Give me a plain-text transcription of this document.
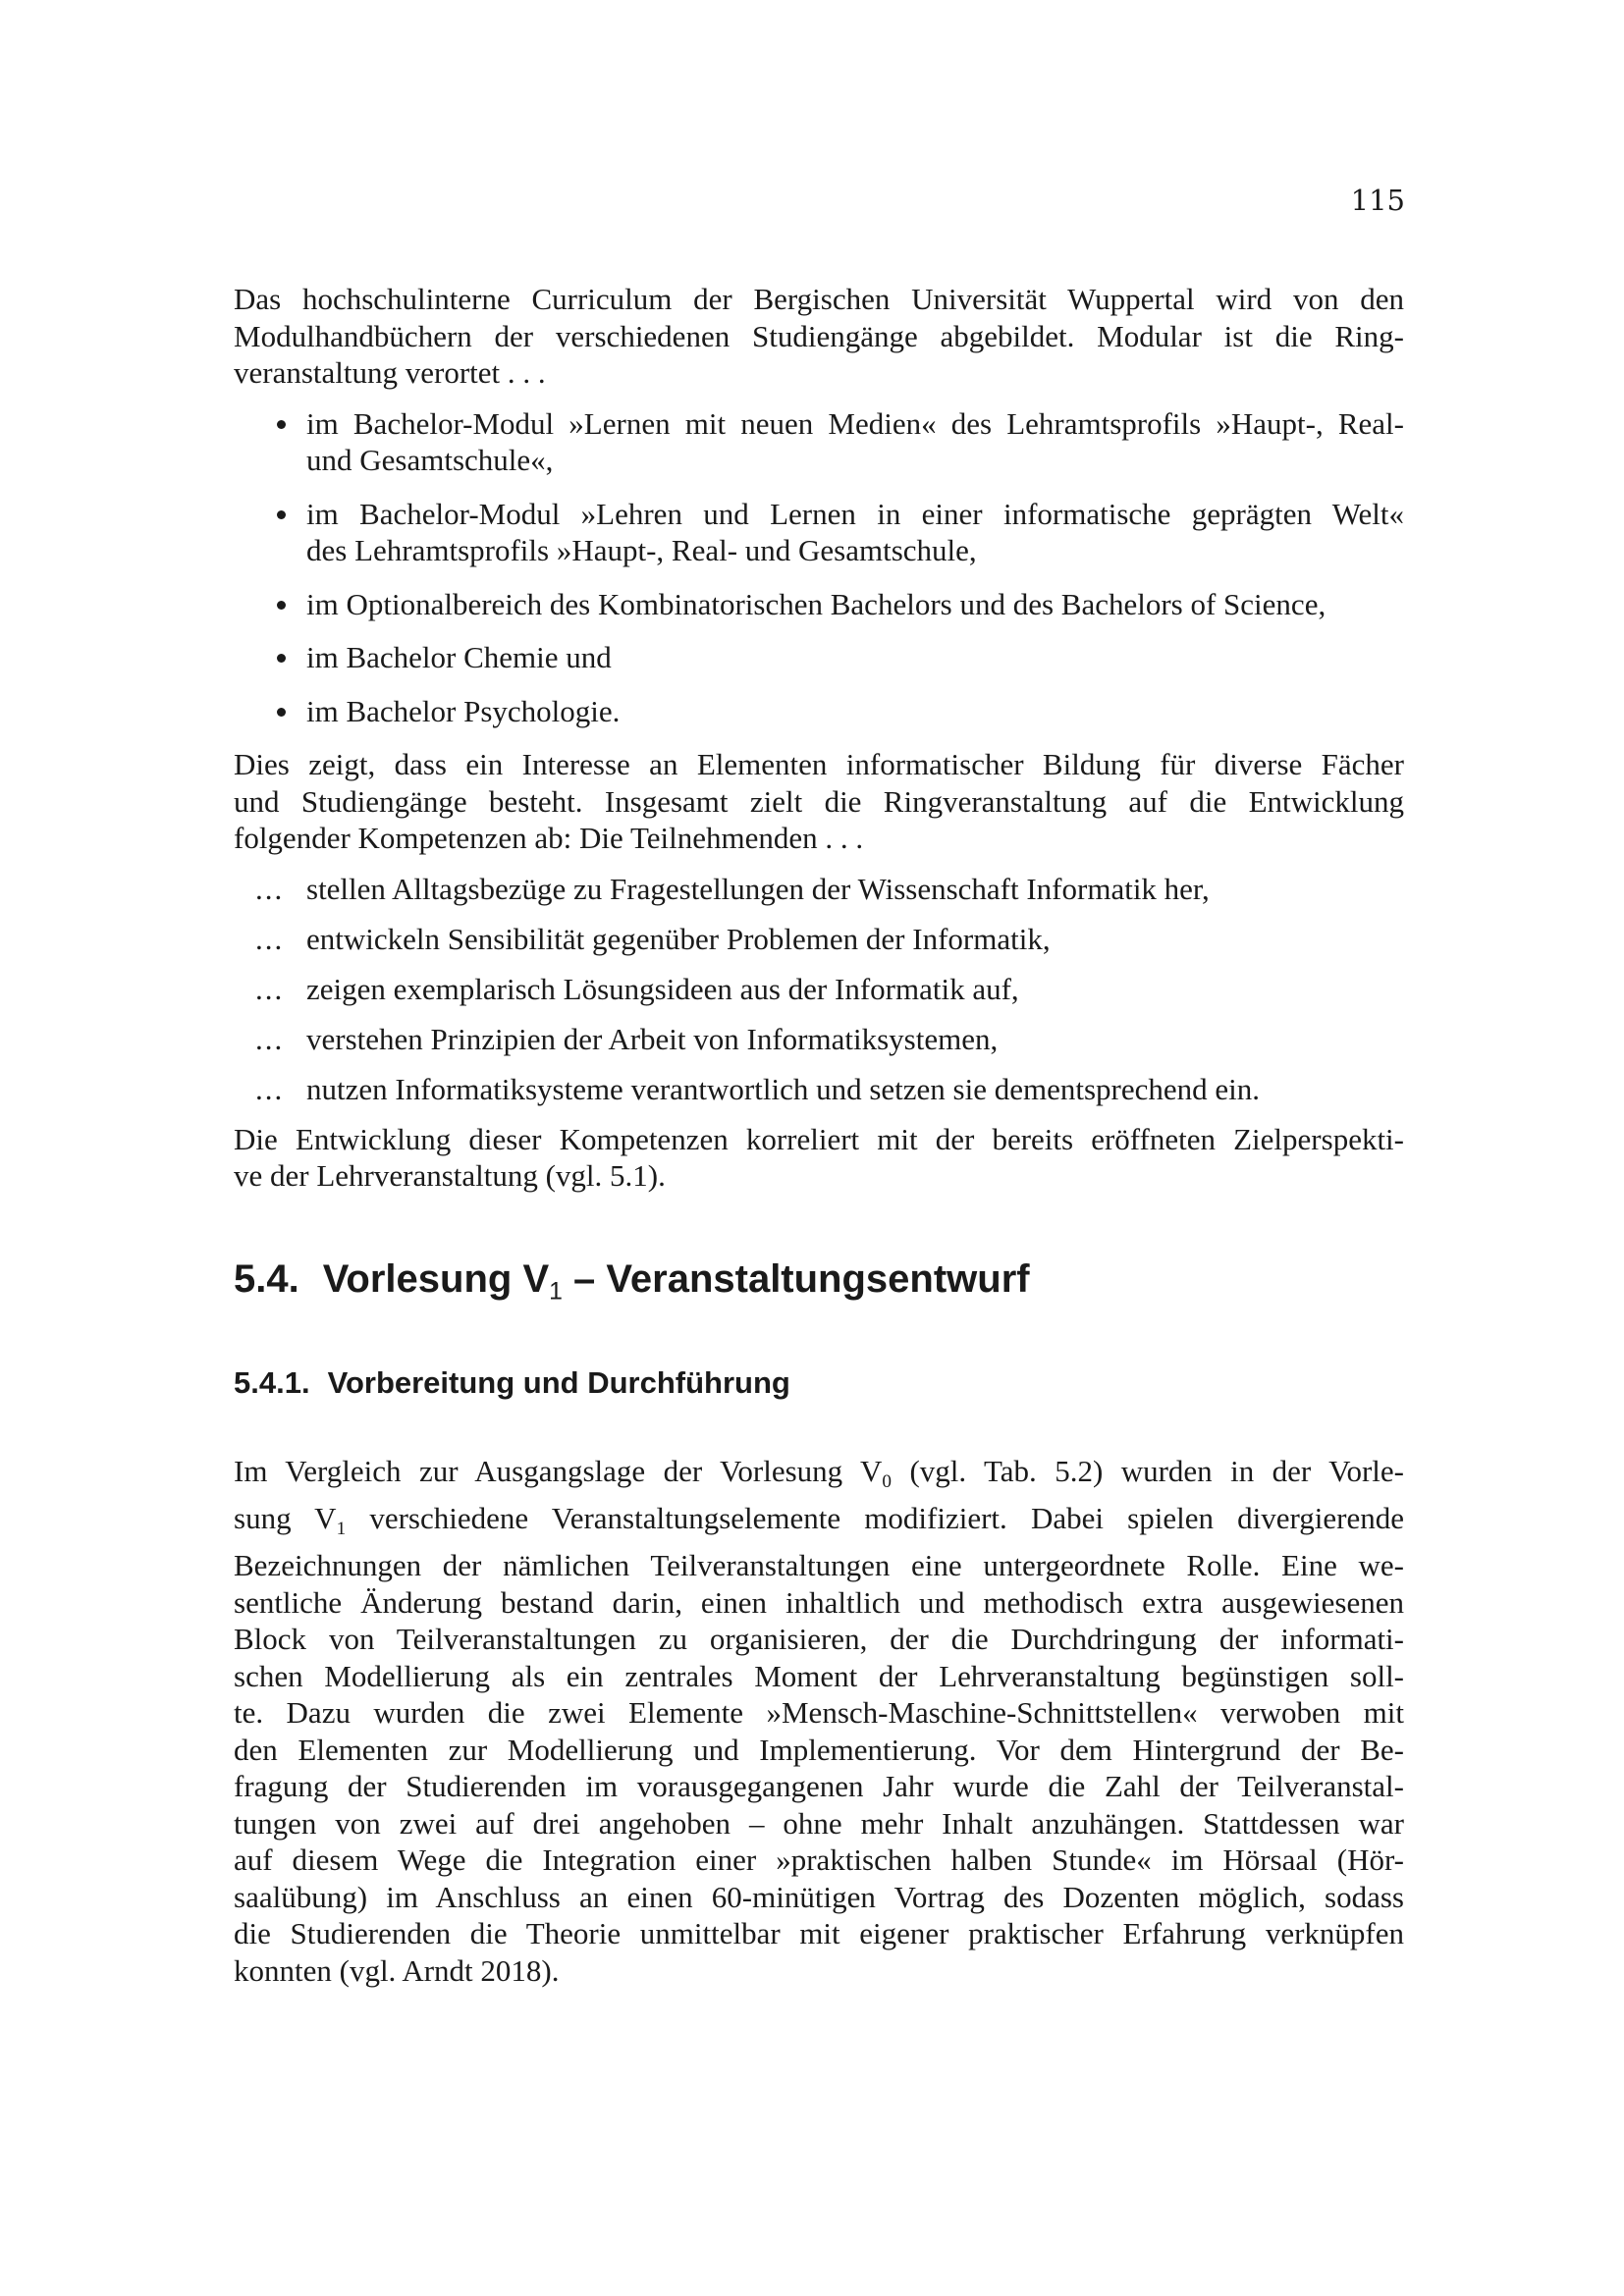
115

Das hochschulinterne Curriculum der Bergischen Universität Wuppertal wird von den
Modulhandbüchern der verschiedenen Studiengänge abgebildet. Modular ist die Ring-
veranstaltung verortet . . .

im Bachelor-Modul »Lernen mit neuen Medien« des Lehramtsprofils »Haupt-, Real-
und Gesamtschule«,
im Bachelor-Modul »Lehren und Lernen in einer informatische geprägten Welt«
des Lehramtsprofils »Haupt-, Real- und Gesamtschule,
im Optionalbereich des Kombinatorischen Bachelors und des Bachelors of Science,
im Bachelor Chemie und
im Bachelor Psychologie.

Dies zeigt, dass ein Interesse an Elementen informatischer Bildung für diverse Fächer
und Studiengänge besteht. Insgesamt zielt die Ringveranstaltung auf die Entwicklung
folgender Kompetenzen ab: Die Teilnehmenden . . .

... stellen Alltagsbezüge zu Fragestellungen der Wissenschaft Informatik her,
... entwickeln Sensibilität gegenüber Problemen der Informatik,
... zeigen exemplarisch Lösungsideen aus der Informatik auf,
... verstehen Prinzipien der Arbeit von Informatiksystemen,
... nutzen Informatiksysteme verantwortlich und setzen sie dementsprechend ein.

Die Entwicklung dieser Kompetenzen korreliert mit der bereits eröffneten Zielperspekti-
ve der Lehrveranstaltung (vgl. 5.1).

5.4. Vorlesung $V_1$ – Veranstaltungsentwurf
5.4.1. Vorbereitung und Durchführung

Im Vergleich zur Ausgangslage der Vorlesung $V_0$ (vgl. Tab. 5.2) wurden in der Vorle-
sung $V_1$ verschiedene Veranstaltungselemente modifiziert. Dabei spielen divergierende
Bezeichnungen der nämlichen Teilveranstaltungen eine untergeordnete Rolle. Eine we-
sentliche Änderung bestand darin, einen inhaltlich und methodisch extra ausgewiesenen
Block von Teilveranstaltungen zu organisieren, der die Durchdringung der informati-
schen Modellierung als ein zentrales Moment der Lehrveranstaltung begünstigen soll-
te. Dazu wurden die zwei Elemente »Mensch-Maschine-Schnittstellen« verwoben mit
den Elementen zur Modellierung und Implementierung. Vor dem Hintergrund der Be-
fragung der Studierenden im vorausgegangenen Jahr wurde die Zahl der Teilveranstal-
tungen von zwei auf drei angehoben – ohne mehr Inhalt anzuhängen. Stattdessen war
auf diesem Wege die Integration einer »praktischen halben Stunde« im Hörsaal (Hör-
saalübung) im Anschluss an einen 60-minütigen Vortrag des Dozenten möglich, sodass
die Studierenden die Theorie unmittelbar mit eigener praktischer Erfahrung verknüpfen
konnten (vgl. Arndt 2018).
